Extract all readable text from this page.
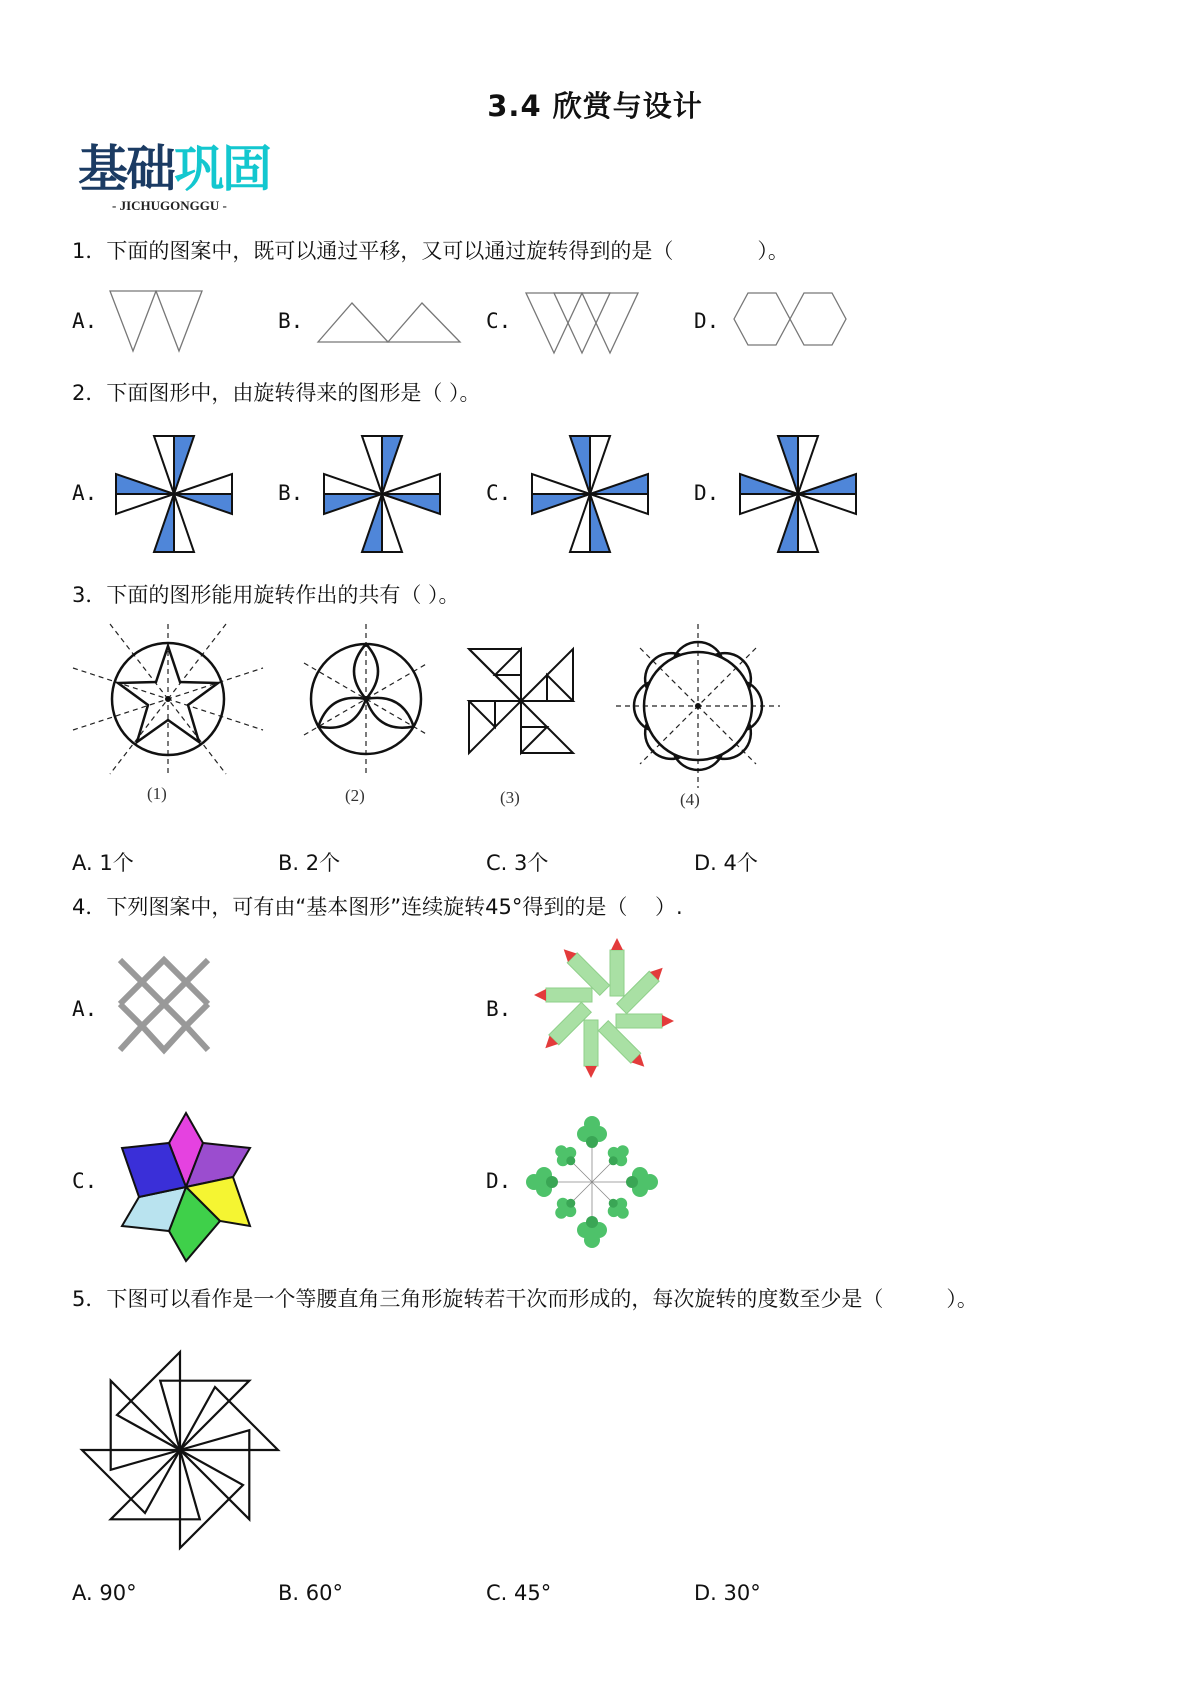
3.4 欣赏与设计
基础巩固
- JICHUGONGGU -
1．下面的图案中，既可以通过平移，又可以通过旋转得到的是（　　　　）。
A.	B.	C.	D.
2．下面图形中，由旋转得来的图形是（ ）。
A.	B.	C.	D.
3．下面的图形能用旋转作出的共有（ ）。
(1)	(2)	(3)	(4)
A. 1个	B. 2个	C. 3个	D. 4个
4．下列图案中，可有由“基本图形”连续旋转45°得到的是（　 ）.
A.	B.
C.	D.
5．下图可以看作是一个等腰直角三角形旋转若干次而形成的，每次旋转的度数至少是（　　　）。
A. 90°	B. 60°	C. 45°	D. 30°
